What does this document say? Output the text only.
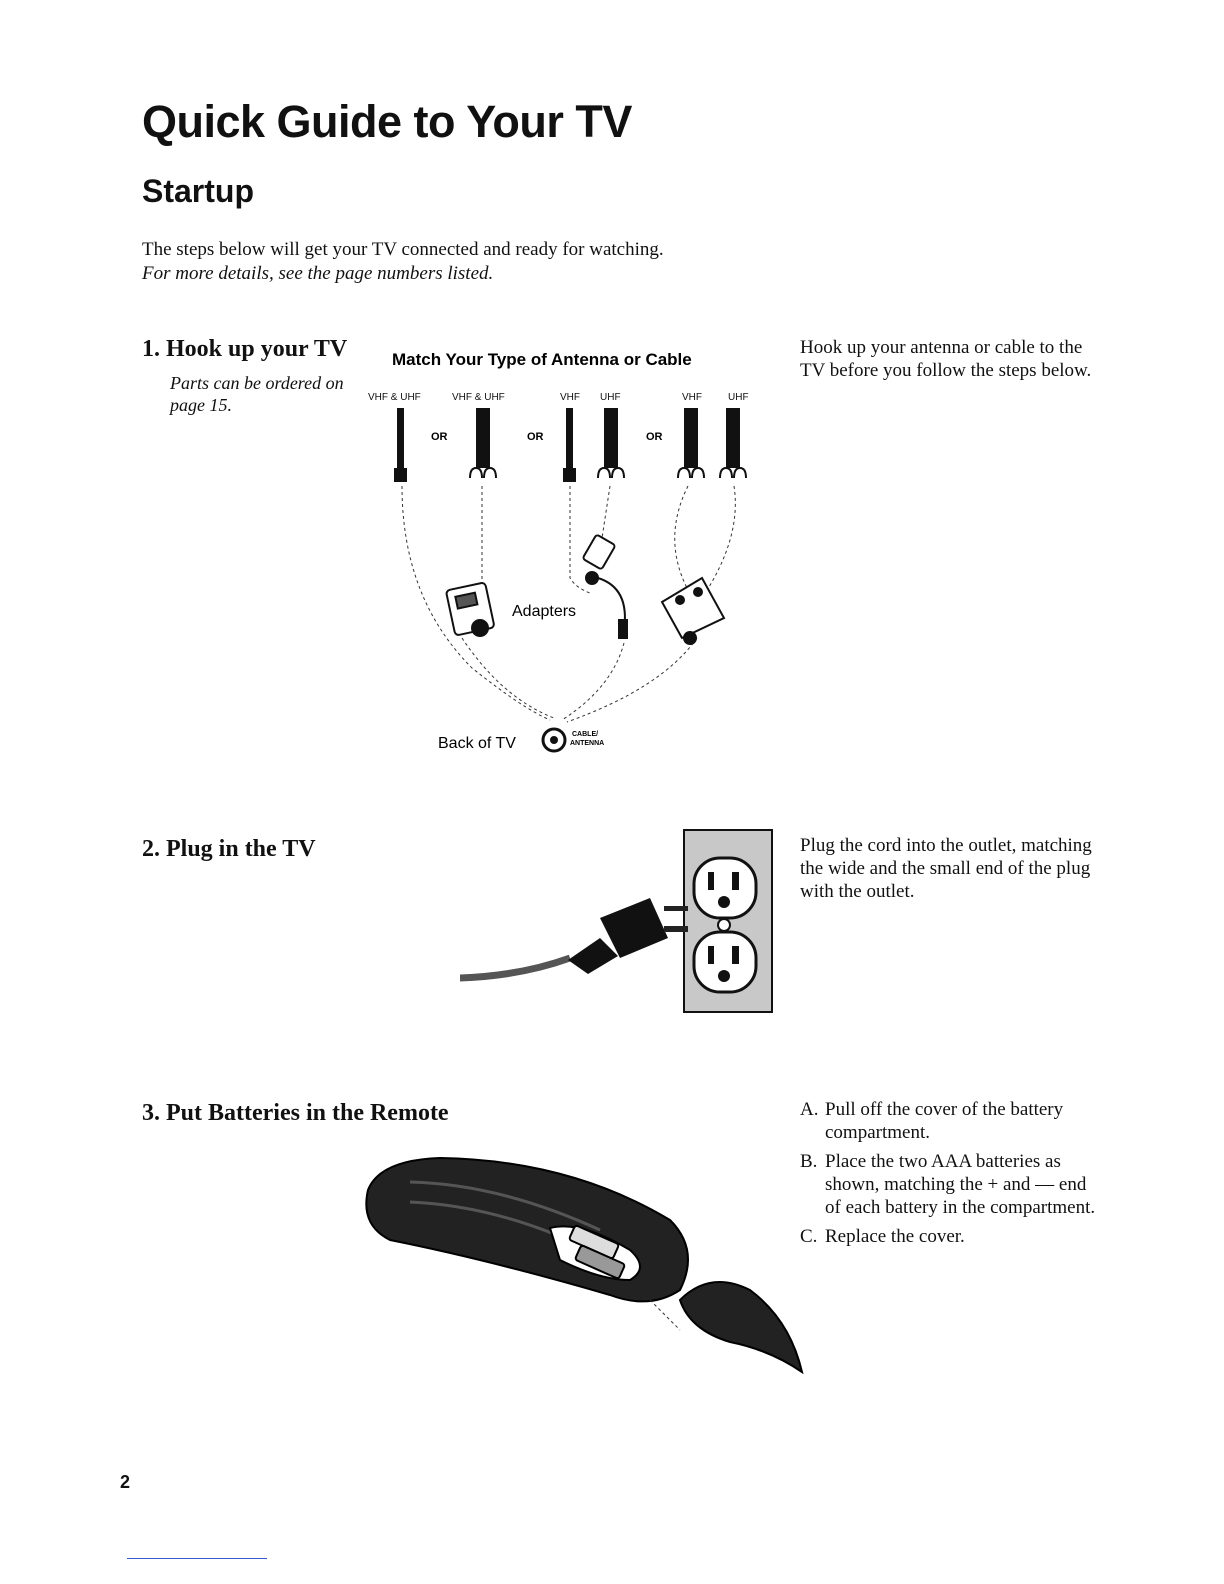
Quick Guide to Your TV
Startup
The steps below will get your TV connected and ready for watching.
For more details, see the page numbers listed.
1. Hook up your TV
Parts can be ordered on page 15.
Hook up your antenna or cable to the TV before you follow the steps below.
Match Your Type of Antenna or Cable
VHF & UHF	VHF & UHF	VHF UHF	VHF	UHF
OR	OR	OR
Adapters
Back of TV
CABLE/
ANTENNA
2. Plug in the TV	Plug the cord into the outlet, matching the wide and the small end of the plug with the outlet.
3. Put Batteries in the Remote	A. Pull off the cover of the battery compartment.
B. Place the two AAA batteries as shown, matching the + and — end of each battery in the compartment.
C. Replace the cover.
2
